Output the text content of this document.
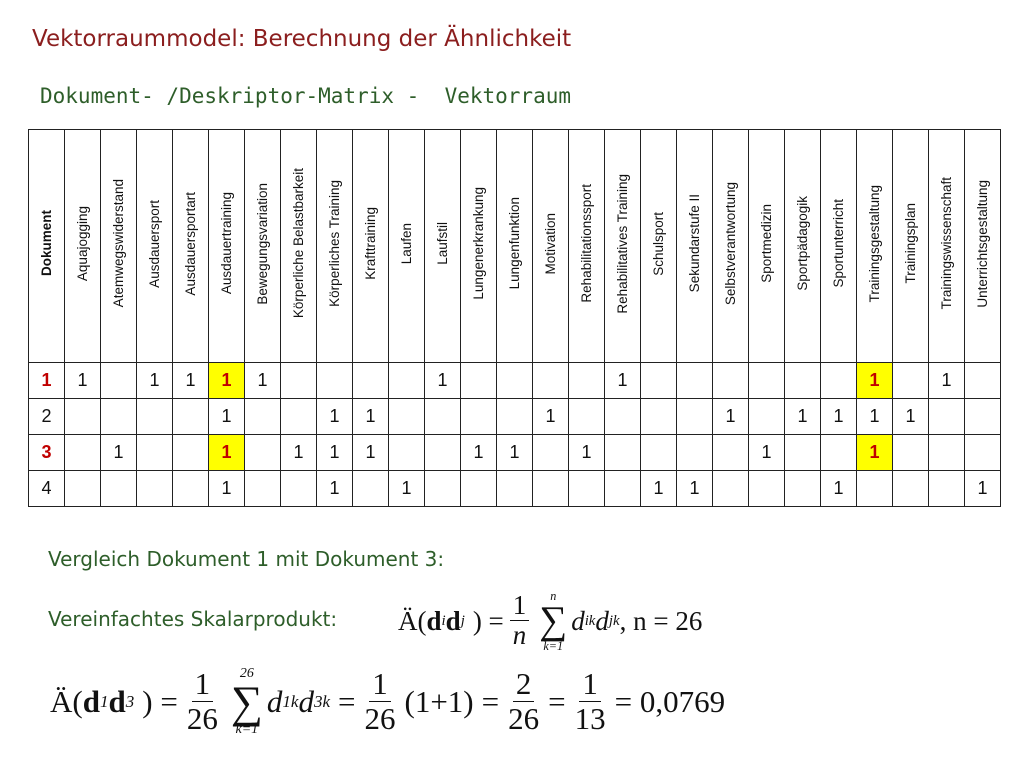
Vektorraummodel: Berechnung der Ähnlichkeit
Dokument- /Deskriptor-Matrix -  Vektorraum
Dokument	Aquajogging	Atemwegswiderstand	Ausdauersport	Ausdauersportart	Ausdauertraining	Bewegungsvariation	Körperliche Belastbarkeit	Körperliches Training	Krafttraining	Laufen	Laufstil	Lungenerkrankung	Lungenfunktion	Motivation	Rehabilitationssport	Rehabilitatives Training	Schulsport	Sekundarstufe II	Selbstverantwortung	Sportmedizin	Sportpädagogik	Sportunterricht	Trainingsgestaltung	Trainingsplan	Trainingswissenschaft	Unterrichtsgestaltung
1	1		1	1	1	1					1					1							1		1	
2					1			1	1					1					1		1	1	1	1		
3		1			1		1	1	1			1	1		1					1			1			
4					1			1		1							1	1				1				1
Vergleich Dokument 1 mit Dokument 3:
Vereinfachtes Skalarprodukt: Ä( d i d j ) = $\frac{1}{n}$ n
∑
k=1
d ik d jk , n = 26
Ä( d 1 d 3 ) = $\frac{1}{26} 26$
∑
k=1
d 1k d $3k = \frac{1}{26} (1+1) = \frac{2}{26} = \frac{1}{13} = 0,0769$
